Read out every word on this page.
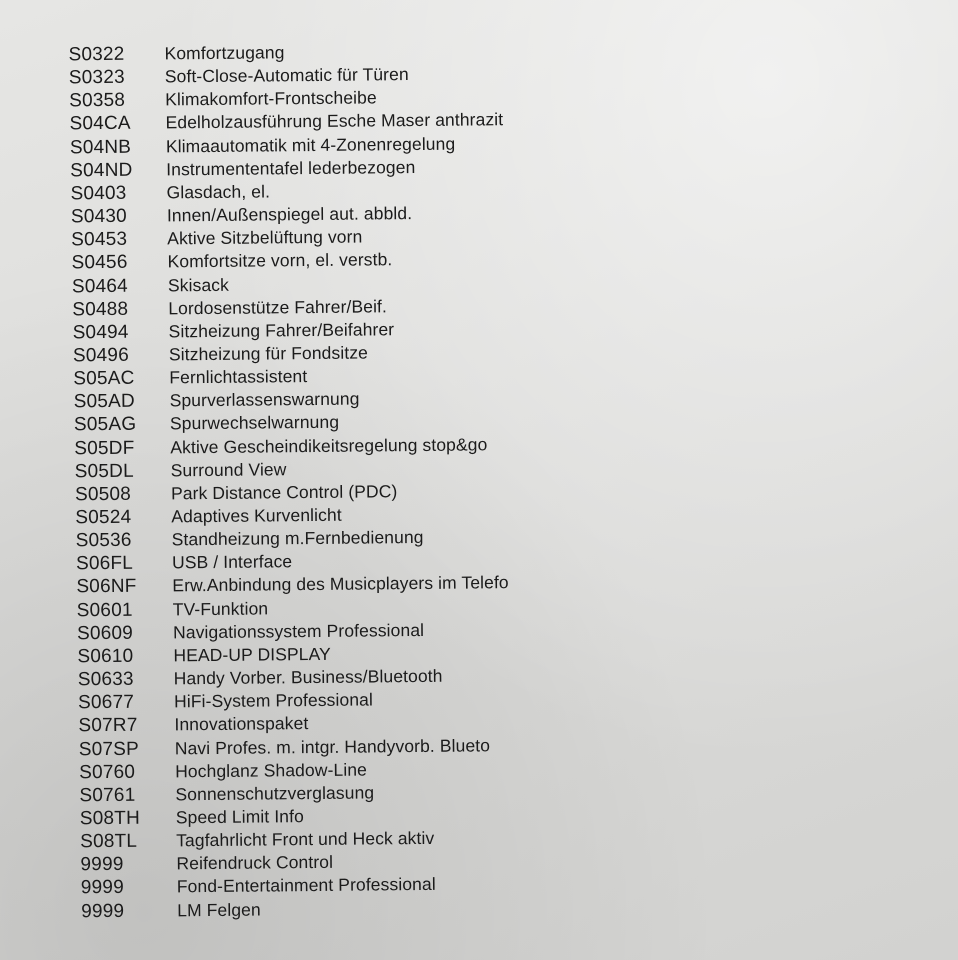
S0322 Komfortzugang
S0323 Soft-Close-Automatic für Türen
S0358 Klimakomfort-Frontscheibe
S04CA Edelholzausführung Esche Maser anthrazit
S04NB Klimaautomatik mit 4-Zonenregelung
S04ND Instrumententafel lederbezogen
S0403 Glasdach, el.
S0430 Innen/Außenspiegel aut. abbld.
S0453 Aktive Sitzbelüftung vorn
S0456 Komfortsitze vorn, el. verstb.
S0464 Skisack
S0488 Lordosenstütze Fahrer/Beif.
S0494 Sitzheizung Fahrer/Beifahrer
S0496 Sitzheizung für Fondsitze
S05AC Fernlichtassistent
S05AD Spurverlassenswarnung
S05AG Spurwechselwarnung
S05DF Aktive Gescheindikeitsregelung stop&go
S05DL Surround View
S0508 Park Distance Control (PDC)
S0524 Adaptives Kurvenlicht
S0536 Standheizung m.Fernbedienung
S06FL USB / Interface
S06NF Erw.Anbindung des Musicplayers im Telefo
S0601 TV-Funktion
S0609 Navigationssystem Professional
S0610 HEAD-UP DISPLAY
S0633 Handy Vorber. Business/Bluetooth
S0677 HiFi-System Professional
S07R7 Innovationspaket
S07SP Navi Profes. m. intgr. Handyvorb. Blueto
S0760 Hochglanz Shadow-Line
S0761 Sonnenschutzverglasung
S08TH Speed Limit Info
S08TL Tagfahrlicht Front und Heck aktiv
9999	Reifendruck Control
9999	Fond-Entertainment Professional
9999	LM Felgen
